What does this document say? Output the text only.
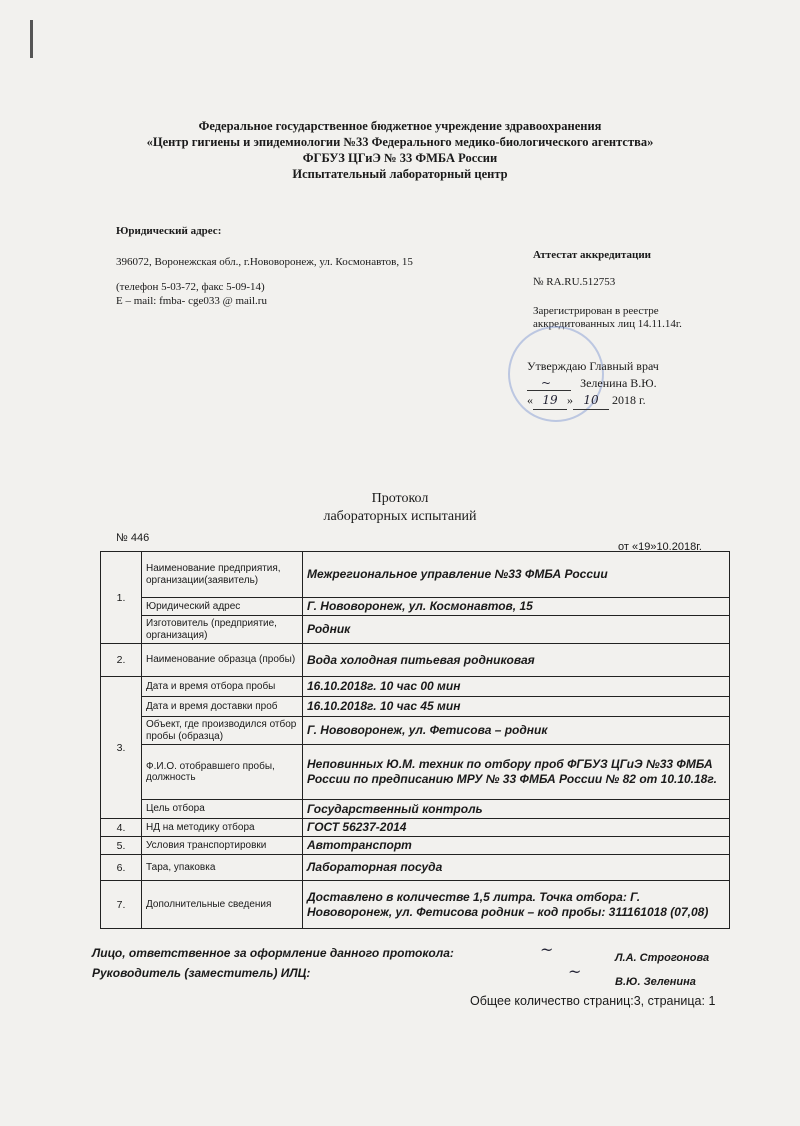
Федеральное государственное бюджетное учреждение здравоохранения
«Центр гигиены и эпидемиологии №33 Федерального медико-биологического агентства»
ФГБУЗ ЦГиЭ № 33 ФМБА России
Испытательный лабораторный центр
Юридический адрес:
396072, Воронежская обл., г.Нововоронеж, ул. Космонавтов, 15
(телефон 5-03-72, факс 5-09-14)
E – mail: fmba- cge033 @ mail.ru
Аттестат аккредитации
№ RA.RU.512753
Зарегистрирован в реестре
аккредитованных лиц 14.11.14г.
Утверждаю Главный врач
~ Зеленина В.Ю.
« 19 » 10 2018 г.
Протокол
лабораторных испытаний
№ 446
от «19»10.2018г.
1.	Наименование предприятия, организации(заявитель)	Межрегиональное управление №33 ФМБА России
	Юридический адрес	Г. Нововоронеж, ул. Космонавтов, 15
	Изготовитель (предприятие, организация)	Родник
2.	Наименование образца (пробы)	Вода холодная питьевая родниковая
3.	Дата и время отбора пробы	16.10.2018г. 10 час 00 мин
	Дата и время доставки проб	16.10.2018г. 10 час 45 мин
	Объект, где производился отбор пробы (образца)	Г. Нововоронеж, ул. Фетисова – родник
	Ф.И.О. отобравшего пробы, должность	Неповинных Ю.М. техник по отбору проб ФГБУЗ ЦГиЭ №33 ФМБА России по предписанию МРУ № 33 ФМБА России № 82 от 10.10.18г.
	Цель отбора	Государственный контроль
4.	НД на методику отбора	ГОСТ 56237-2014
5.	Условия транспортировки	Автотранспорт
6.	Тара, упаковка	Лабораторная посуда
7.	Дополнительные сведения	Доставлено в количестве 1,5 литра. Точка отбора: Г. Нововоронеж, ул. Фетисова родник – код пробы: 311161018 (07,08)
Лицо, ответственное за оформление данного протокола:	~	Л.А. Строгонова
Руководитель (заместитель) ИЛЦ:	~
В.Ю. Зеленина
Общее количество страниц:3, страница: 1
